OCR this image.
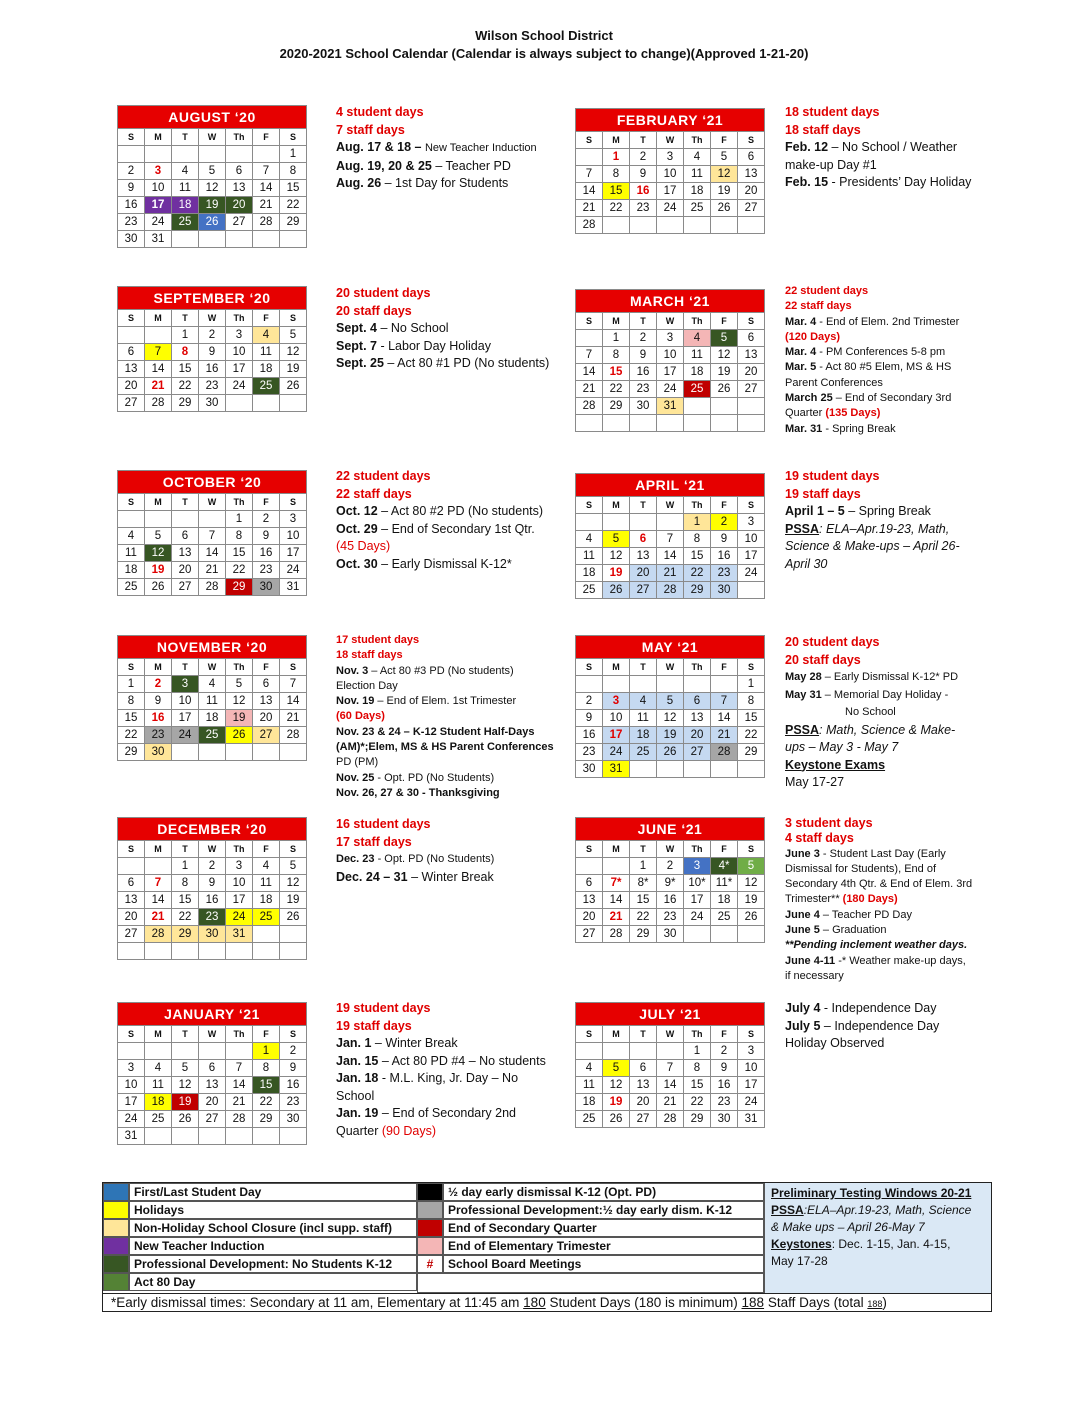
Wilson School District
2020-2021 School Calendar (Calendar is always subject to change)(Approved 1-21-20)
AUGUST ‘20						
S	M	T	W	Th	F	S
						1
2	3	4	5	6	7	8
9	10	11	12	13	14	15
16	17	18	19	20	21	22
23	24	25	26	27	28	29
30	31					
SEPTEMBER ‘20						
S	M	T	W	Th	F	S
		1	2	3	4	5
6	7	8	9	10	11	12
13	14	15	16	17	18	19
20	21	22	23	24	25	26
27	28	29	30			
OCTOBER ‘20						
S	M	T	W	Th	F	S
				1	2	3
4	5	6	7	8	9	10
11	12	13	14	15	16	17
18	19	20	21	22	23	24
25	26	27	28	29	30	31
NOVEMBER ‘20						
S	M	T	W	Th	F	S
1	2	3	4	5	6	7
8	9	10	11	12	13	14
15	16	17	18	19	20	21
22	23	24	25	26	27	28
29	30					
DECEMBER ‘20						
S	M	T	W	Th	F	S
		1	2	3	4	5
6	7	8	9	10	11	12
13	14	15	16	17	18	19
20	21	22	23	24	25	26
27	28	29	30	31		

JANUARY ‘21						
S	M	T	W	Th	F	S
					1	2
3	4	5	6	7	8	9
10	11	12	13	14	15	16
17	18	19	20	21	22	23
24	25	26	27	28	29	30
31						
FEBRUARY ‘21						
S	M	T	W	Th	F	S
	1	2	3	4	5	6
7	8	9	10	11	12	13
14	15	16	17	18	19	20
21	22	23	24	25	26	27
28						
MARCH ‘21						
S	M	T	W	Th	F	S
	1	2	3	4	5	6
7	8	9	10	11	12	13
14	15	16	17	18	19	20
21	22	23	24	25	26	27
28	29	30	31			

APRIL ‘21						
S	M	T	W	Th	F	S
				1	2	3
4	5	6	7	8	9	10
11	12	13	14	15	16	17
18	19	20	21	22	23	24
25	26	27	28	29	30	
MAY ‘21						
S	M	T	W	Th	F	S
						1
2	3	4	5	6	7	8
9	10	11	12	13	14	15
16	17	18	19	20	21	22
23	24	25	26	27	28	29
30	31					
JUNE ‘21						
S	M	T	W	Th	F	S
		1	2	3	4*	5
6	7*	8*	9*	10*	11*	12
13	14	15	16	17	18	19
20	21	22	23	24	25	26
27	28	29	30			
JULY ‘21						
S	M	T	W	Th	F	S
				1	2	3
4	5	6	7	8	9	10
11	12	13	14	15	16	17
18	19	20	21	22	23	24
25	26	27	28	29	30	31
4 student days
7 staff days
Aug. 17 & 18 – New Teacher Induction
Aug. 19, 20 & 25 – Teacher PD
Aug. 26 – 1st Day for Students
20 student days
20 staff days
Sept. 4 – No School
Sept. 7 - Labor Day Holiday
Sept. 25 – Act 80 #1 PD (No students)
22 student days
22 staff days
Oct. 12 – Act 80 #2 PD (No students)
Oct. 29 – End of Secondary 1st Qtr.
(45 Days)
Oct. 30 – Early Dismissal K-12*
17 student days
18 staff days
Nov. 3 – Act 80 #3 PD (No students)
Election Day
Nov. 19 – End of Elem. 1st Trimester
(60 Days)
Nov. 23 & 24 – K-12 Student Half-Days
(AM)*;Elem, MS & HS Parent Conferences
PD (PM)
Nov. 25 - Opt. PD (No Students)
Nov. 26, 27 & 30 - Thanksgiving
16 student days
17 staff days
Dec. 23 - Opt. PD (No Students)
Dec. 24 – 31 – Winter Break
19 student days
19 staff days
Jan. 1 – Winter Break
Jan. 15 – Act 80 PD #4 – No students
Jan. 18 - M.L. King, Jr. Day – No
School
Jan. 19 – End of Secondary 2nd
Quarter (90 Days)
18 student days
18 staff days
Feb. 12 – No School / Weather
make-up Day #1
Feb. 15 - Presidents’ Day Holiday
22 student days
22 staff days
Mar. 4 - End of Elem. 2nd Trimester
(120 Days)
Mar. 4 - PM Conferences 5-8 pm
Mar. 5 - Act 80 #5 Elem, MS & HS
Parent Conferences
March 25 – End of Secondary 3rd
Quarter (135 Days)
Mar. 31 - Spring Break
19 student days
19 staff days
April 1 – 5 – Spring Break
PSSA: ELA–Apr.19-23, Math,
Science & Make-ups – April 26-
April 30
20 student days
20 staff days
May 28 – Early Dismissal K-12* PD
May 31 – Memorial Day Holiday -
No School
PSSA: Math, Science & Make-
ups – May 3 - May 7
Keystone Exams
May 17-27
3 student days
4 staff days
June 3 - Student Last Day (Early
Dismissal for Students), End of
Secondary 4th Qtr. & End of Elem. 3rd
Trimester** (180 Days)
June 4 – Teacher PD Day
June 5 – Graduation
**Pending inclement weather days.
June 4-11 -* Weather make-up days,
if necessary
July 4 - Independence Day
July 5 – Independence Day
Holiday Observed
First/Last Student Day
Holidays
Non-Holiday School Closure (incl supp. staff)
New Teacher Induction
Professional Development: No Students K-12
Act 80 Day
½ day early dismissal K-12 (Opt. PD)
Professional Development:½ day early dism. K-12
End of Secondary Quarter
End of Elementary Trimester
#	School Board Meetings
Preliminary Testing Windows 20-21
PSSA:ELA–Apr.19-23, Math, Science
& Make ups – April 26-May 7
Keystones: Dec. 1-15, Jan. 4-15,
May 17-28
*Early dismissal times: Secondary at 11 am, Elementary at 11:45 am 180 Student Days (180 is minimum) 188 Staff Days (total 188)
